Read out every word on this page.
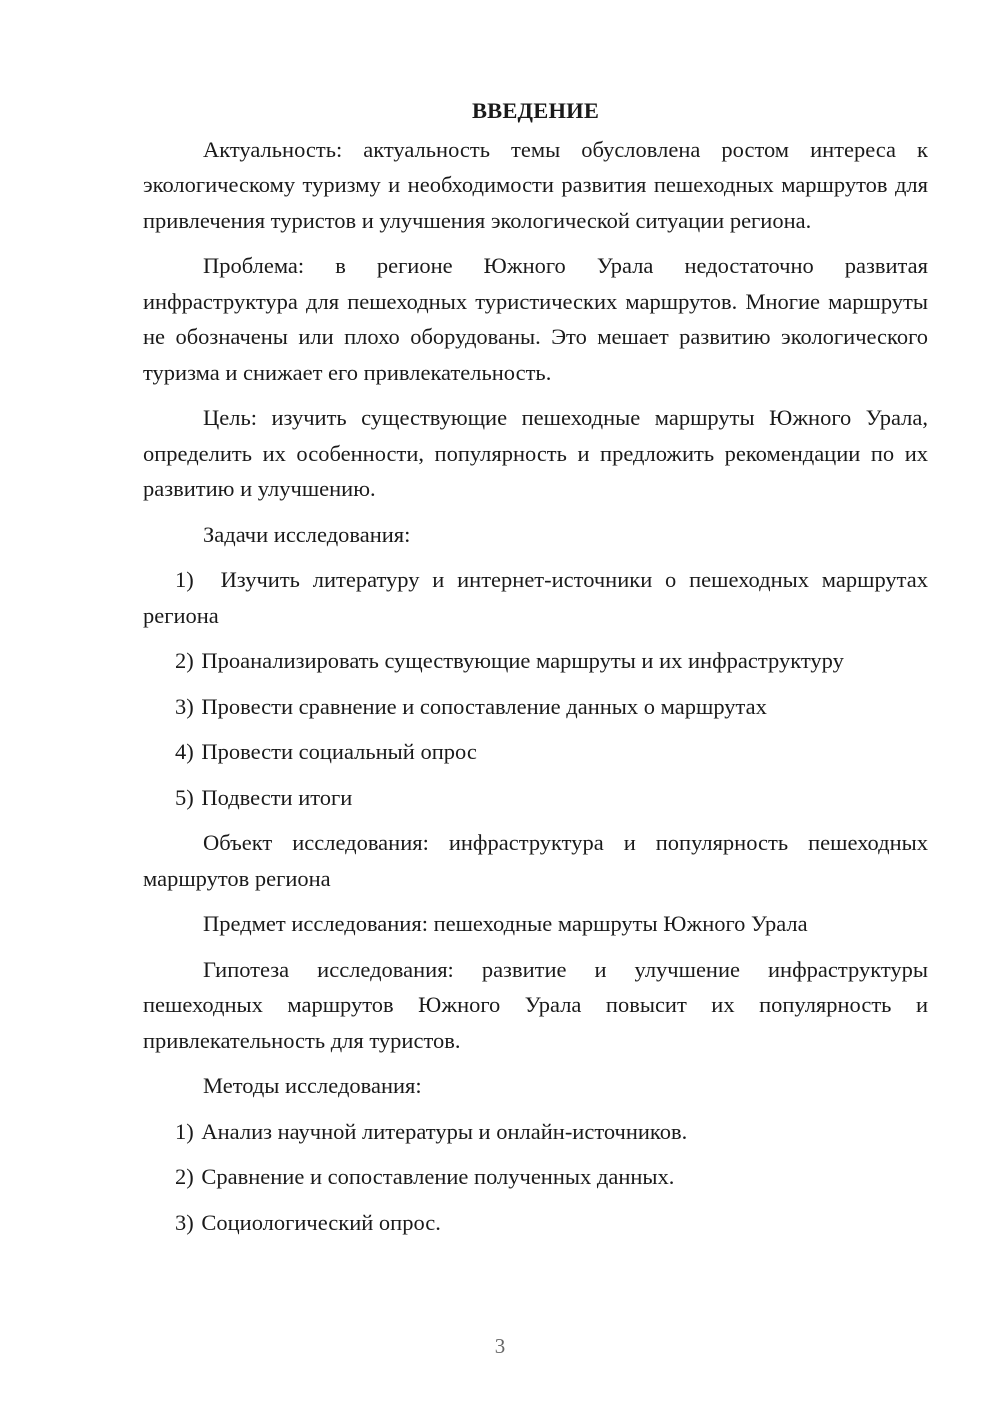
ВВЕДЕНИЕ

Актуальность: актуальность темы обусловлена ростом интереса к экологическому туризму и необходимости развития пешеходных маршрутов для привлечения туристов и улучшения экологической ситуации региона.

Проблема: в регионе Южного Урала недостаточно развитая инфраструктура для пешеходных туристических маршрутов. Многие маршруты не обозначены или плохо оборудованы. Это мешает развитию экологического туризма и снижает его привлекательность.

Цель: изучить существующие пешеходные маршруты Южного Урала, определить их особенности, популярность и предложить рекомендации по их развитию и улучшению.

Задачи исследования:

1) Изучить литературу и интернет-источники о пешеходных маршрутах региона

2) Проанализировать существующие маршруты и их инфраструктуру

3) Провести сравнение и сопоставление данных о маршрутах

4) Провести социальный опрос

5) Подвести итоги

Объект исследования: инфраструктура и популярность пешеходных маршрутов региона

Предмет исследования: пешеходные маршруты Южного Урала

Гипотеза исследования: развитие и улучшение инфраструктуры пешеходных маршрутов Южного Урала повысит их популярность и привлекательность для туристов.

Методы исследования:

1) Анализ научной литературы и онлайн-источников.

2) Сравнение и сопоставление полученных данных.

3) Социологический опрос.

3
